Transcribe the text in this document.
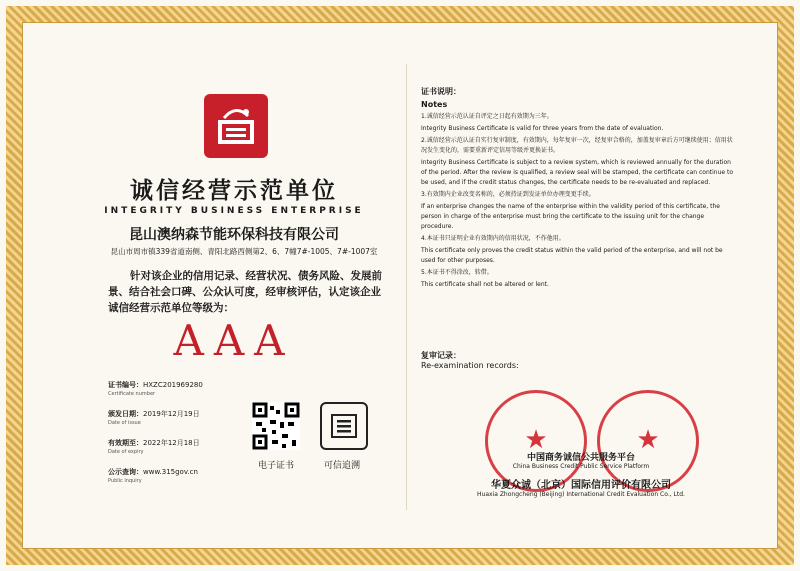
诚信经营示范单位
INTEGRITY BUSINESS ENTERPRISE
昆山澳纳森节能环保科技有限公司
昆山市周市镇339省道南侧、青阳北路西侧第2、6、7幢7#-1005、7#-1007室
针对该企业的信用记录、经营状况、债务风险、发展前景、结合社会口碑、公众认可度，经审核评估，认定该企业诚信经营示范单位等级为：
AAA
证书编号：HXZC201969280
Certificate number
颁发日期：2019年12月19日
Date of issue
有效期至：2022年12月18日
Date of expiry
公示查询：www.315gov.cn
Public inquiry
电子证书	可信追溯
证书说明：
Notes

1.诚信经营示范认证自评定之日起有效期为三年。

Integrity Business Certificate is valid for three years from the date of evaluation.

2.诚信经营示范认证自实行复审制度，有效期内，每年复审一次，经复审合格的，加盖复审章后方可继续使用；信用状况发生变化的，需要重新评定信用等级并更换证书。

Integrity Business Certificate is subject to a review system, which is reviewed annually for the duration of the period. After the review is qualified, a review seal will be stamped, the certificate can continue to be used, and if the credit status changes, the certificate needs to be re-evaluated and replaced.

3.有效期内企业改变名称的，必须持证到发证单位办理变更手续。

If an enterprise changes the name of the enterprise within the validity period of this certificate, the person in charge of the enterprise must bring the certificate to the issuing unit for the change procedure.

4.本证书只证明企业有效期内的信用状况，不作他用。

This certificate only proves the credit status within the valid period of the enterprise, and will not be used for other purposes.

5.本证书不得涂改，转借。

This certificate shall not be altered or lent.

复审记录：
Re-examination records:
★	★
中国商务诚信公共服务平台
China Business Credit Public Service Platform
华夏众诚（北京）国际信用评价有限公司
Huaxia Zhongcheng (Beijing) International Credit Evaluation Co., Ltd.
